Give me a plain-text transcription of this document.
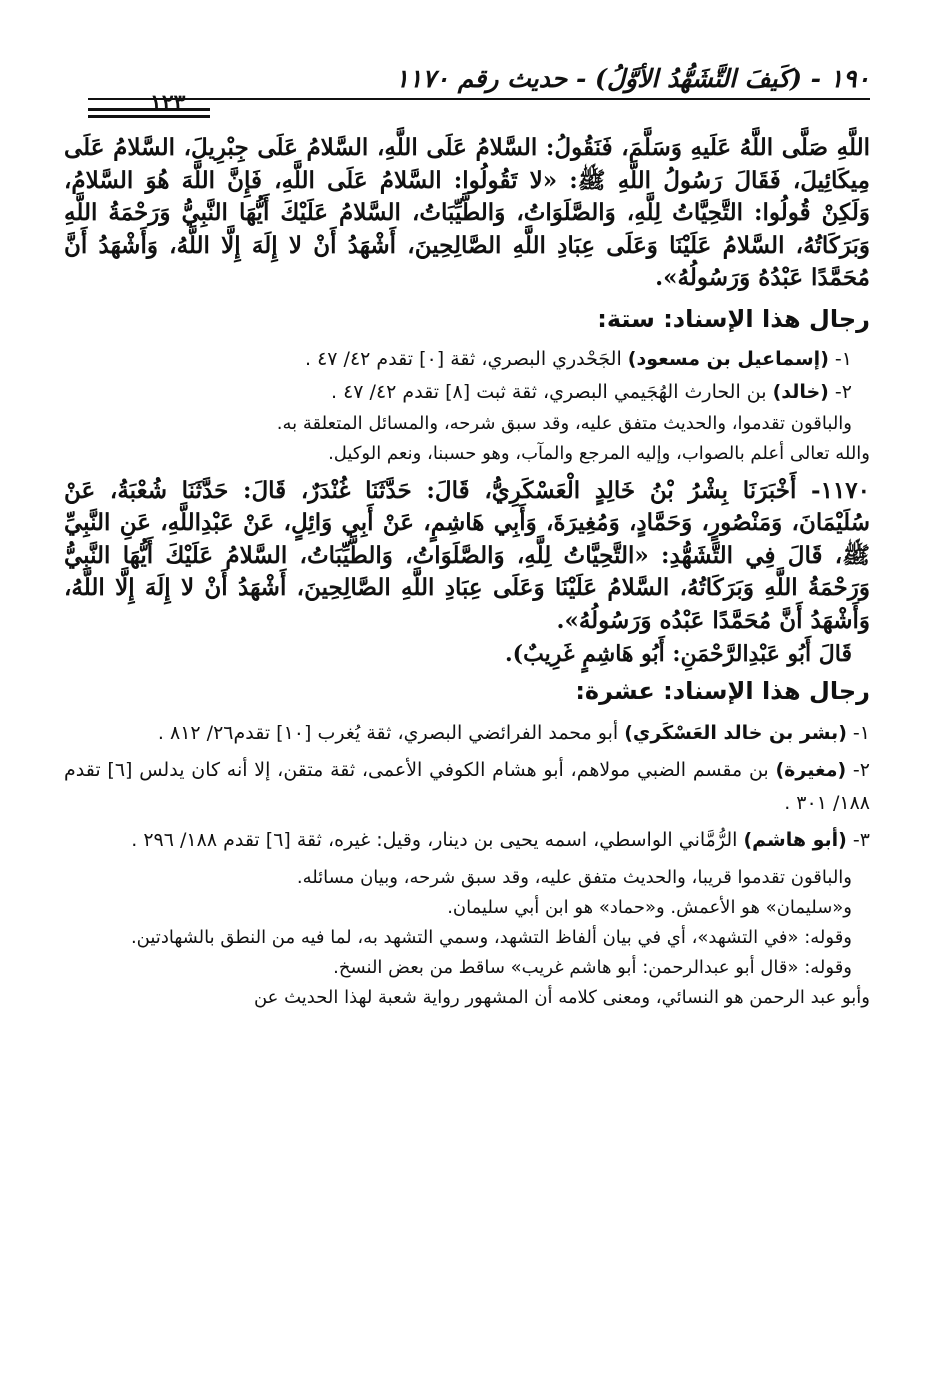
١٩٠ - (كَيفَ التَّشَهُّدُ الأوَّلُ) - حديث رقم ١١٧٠
١٢٣

اللَّهِ صَلَّى اللَّهُ عَلَيهِ وَسَلَّمَ، فَنَقُولُ: السَّلامُ عَلَى اللَّهِ، السَّلامُ عَلَى جِبْرِيلَ، السَّلامُ عَلَى مِيكَائِيلَ، فَقَالَ رَسُولُ اللَّهِ ﷺ: «لا تَقُولُوا: السَّلامُ عَلَى اللَّهِ، فَإِنَّ اللَّهَ هُوَ السَّلامُ، وَلَكِنْ قُولُوا: التَّحِيَّاتُ لِلَّهِ، وَالصَّلَوَاتُ، وَالطَّيِّبَاتُ، السَّلامُ عَلَيْكَ أَيُّهَا النَّبِيُّ وَرَحْمَةُ اللَّهِ وَبَرَكَاتُهُ، السَّلامُ عَلَيْنَا وَعَلَى عِبَادِ اللَّهِ الصَّالِحِينَ، أَشْهَدُ أَنْ لا إِلَهَ إِلَّا اللَّهُ، وَأَشْهَدُ أَنَّ مُحَمَّدًا عَبْدُهُ وَرَسُولُهُ».

رجال هذا الإسناد: ستة:

١- (إسماعيل بن مسعود) الجَحْدري البصري، ثقة [٠] تقدم ٤٢/ ٤٧ .

٢- (خالد) بن الحارث الهُجَيمي البصري، ثقة ثبت [٨] تقدم ٤٢/ ٤٧ .

والباقون تقدموا، والحديث متفق عليه، وقد سبق شرحه، والمسائل المتعلقة به.

والله تعالى أعلم بالصواب، وإليه المرجع والمآب، وهو حسبنا، ونعم الوكيل.

١١٧٠- أَخْبَرَنَا بِشْرُ بْنُ خَالِدٍ الْعَسْكَرِيُّ، قَالَ: حَدَّثَنَا غُنْدَرٌ، قَالَ: حَدَّثَنَا شُعْبَةُ، عَنْ سُلَيْمَانَ، وَمَنْصُورٍ، وَحَمَّادٍ، وَمُغِيرَةَ، وَأَبِي هَاشِمٍ، عَنْ أَبِي وَائِلٍ، عَنْ عَبْدِاللَّهِ، عَنِ النَّبِيِّ ﷺ، قَالَ فِي التَّشَهُّدِ: «التَّحِيَّاتُ لِلَّهِ، وَالصَّلَوَاتُ، وَالطَّيِّبَاتُ، السَّلامُ عَلَيْكَ أَيُّهَا النَّبِيُّ وَرَحْمَةُ اللَّهِ وَبَرَكَاتُهُ، السَّلامُ عَلَيْنَا وَعَلَى عِبَادِ اللَّهِ الصَّالِحِينَ، أَشْهَدُ أَنْ لا إِلَهَ إِلَّا اللَّهُ، وَأَشْهَدُ أَنَّ مُحَمَّدًا عَبْدُه وَرَسُولُهُ».

قَالَ أَبُو عَبْدِالرَّحْمَنِ: أَبُو هَاشِمٍ غَرِيبٌ).

رجال هذا الإسناد: عشرة:

١- (بشر بن خالد العَسْكَري) أبو محمد الفرائضي البصري، ثقة يُغرب [١٠] تقدم٢٦/ ٨١٢ .

٢- (مغيرة) بن مقسم الضبي مولاهم، أبو هشام الكوفي الأعمى، ثقة متقن، إلا أنه كان يدلس [٦] تقدم ١٨٨/ ٣٠١ .

٣- (أبو هاشم) الرُّمَّاني الواسطي، اسمه يحيى بن دينار، وقيل: غيره، ثقة [٦] تقدم ١٨٨/ ٢٩٦ .

والباقون تقدموا قريبا، والحديث متفق عليه، وقد سبق شرحه، وبيان مسائله.

و«سليمان» هو الأعمش. و«حماد» هو ابن أبي سليمان.

وقوله: «في التشهد»، أي في بيان ألفاظ التشهد، وسمي التشهد به، لما فيه من النطق بالشهادتين.

وقوله: «قال أبو عبدالرحمن: أبو هاشم غريب» ساقط من بعض النسخ.

وأبو عبد الرحمن هو النسائي، ومعنى كلامه أن المشهور رواية شعبة لهذا الحديث عن
